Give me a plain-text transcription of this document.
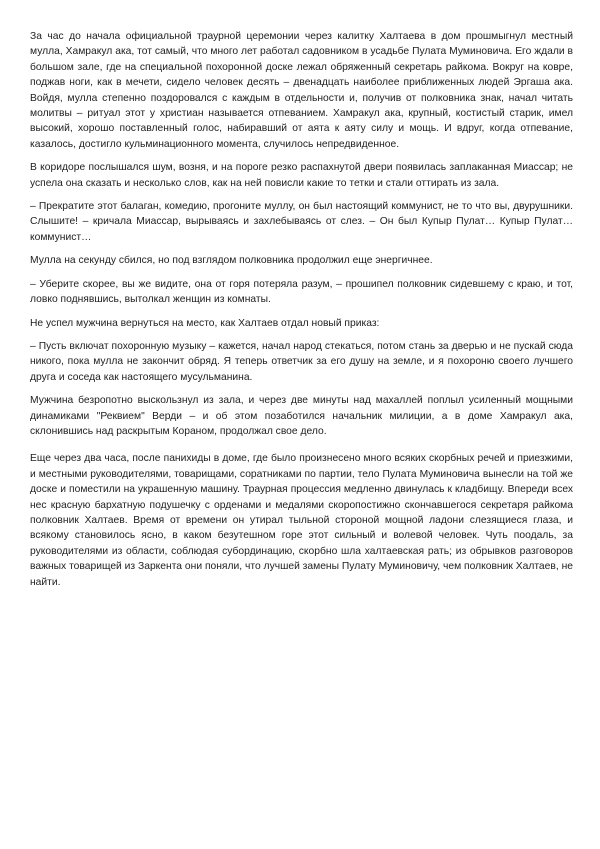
За час до начала официальной траурной церемонии через калитку Халтаева в дом прошмыгнул местный мулла, Хамракул ака, тот самый, что много лет работал садовником в усадьбе Пулата Муминовича. Его ждали в большом зале, где на специальной похоронной доске лежал обряженный секретарь райкома. Вокруг на ковре, поджав ноги, как в мечети, сидело человек десять – двенадцать наиболее приближенных людей Эргаша ака. Войдя, мулла степенно поздоровался с каждым в отдельности и, получив от полковника знак, начал читать молитвы – ритуал этот у христиан называется отпеванием. Хамракул ака, крупный, костистый старик, имел высокий, хорошо поставленный голос, набиравший от аята к аяту силу и мощь. И вдруг, когда отпевание, казалось, достигло кульминационного момента, случилось непредвиденное.

В коридоре послышался шум, возня, и на пороге резко распахнутой двери появилась заплаканная Миассар; не успела она сказать и несколько слов, как на ней повисли какие то тетки и стали оттирать из зала.

– Прекратите этот балаган, комедию, прогоните муллу, он был настоящий коммунист, не то что вы, двурушники. Слышите! – кричала Миассар, вырываясь и захлебываясь от слез. – Он был Купыр Пулат… Купыр Пулат… коммунист…

Мулла на секунду сбился, но под взглядом полковника продолжил еще энергичнее.

– Уберите скорее, вы же видите, она от горя потеряла разум, – прошипел полковник сидевшему с краю, и тот, ловко поднявшись, вытолкал женщин из комнаты.

Не успел мужчина вернуться на место, как Халтаев отдал новый приказ:

– Пусть включат похоронную музыку – кажется, начал народ стекаться, потом стань за дверью и не пускай сюда никого, пока мулла не закончит обряд. Я теперь ответчик за его душу на земле, и я похороню своего лучшего друга и соседа как настоящего мусульманина.

Мужчина безропотно выскользнул из зала, и через две минуты над махаллей поплыл усиленный мощными динамиками "Реквием" Верди – и об этом позаботился начальник милиции, а в доме Хамракул ака, склонившись над раскрытым Кораном, продолжал свое дело.

Еще через два часа, после панихиды в доме, где было произнесено много всяких скорбных речей и приезжими, и местными руководителями, товарищами, соратниками по партии, тело Пулата Муминовича вынесли на той же доске и поместили на украшенную машину. Траурная процессия медленно двинулась к кладбищу. Впереди всех нес красную бархатную подушечку с орденами и медалями скоропостижно скончавшегося секретаря райкома полковник Халтаев. Время от времени он утирал тыльной стороной мощной ладони слезящиеся глаза, и всякому становилось ясно, в каком безутешном горе этот сильный и волевой человек. Чуть поодаль, за руководителями из области, соблюдая субординацию, скорбно шла халтаевская рать; из обрывков разговоров важных товарищей из Заркента они поняли, что лучшей замены Пулату Муминовичу, чем полковник Халтаев, не найти.
